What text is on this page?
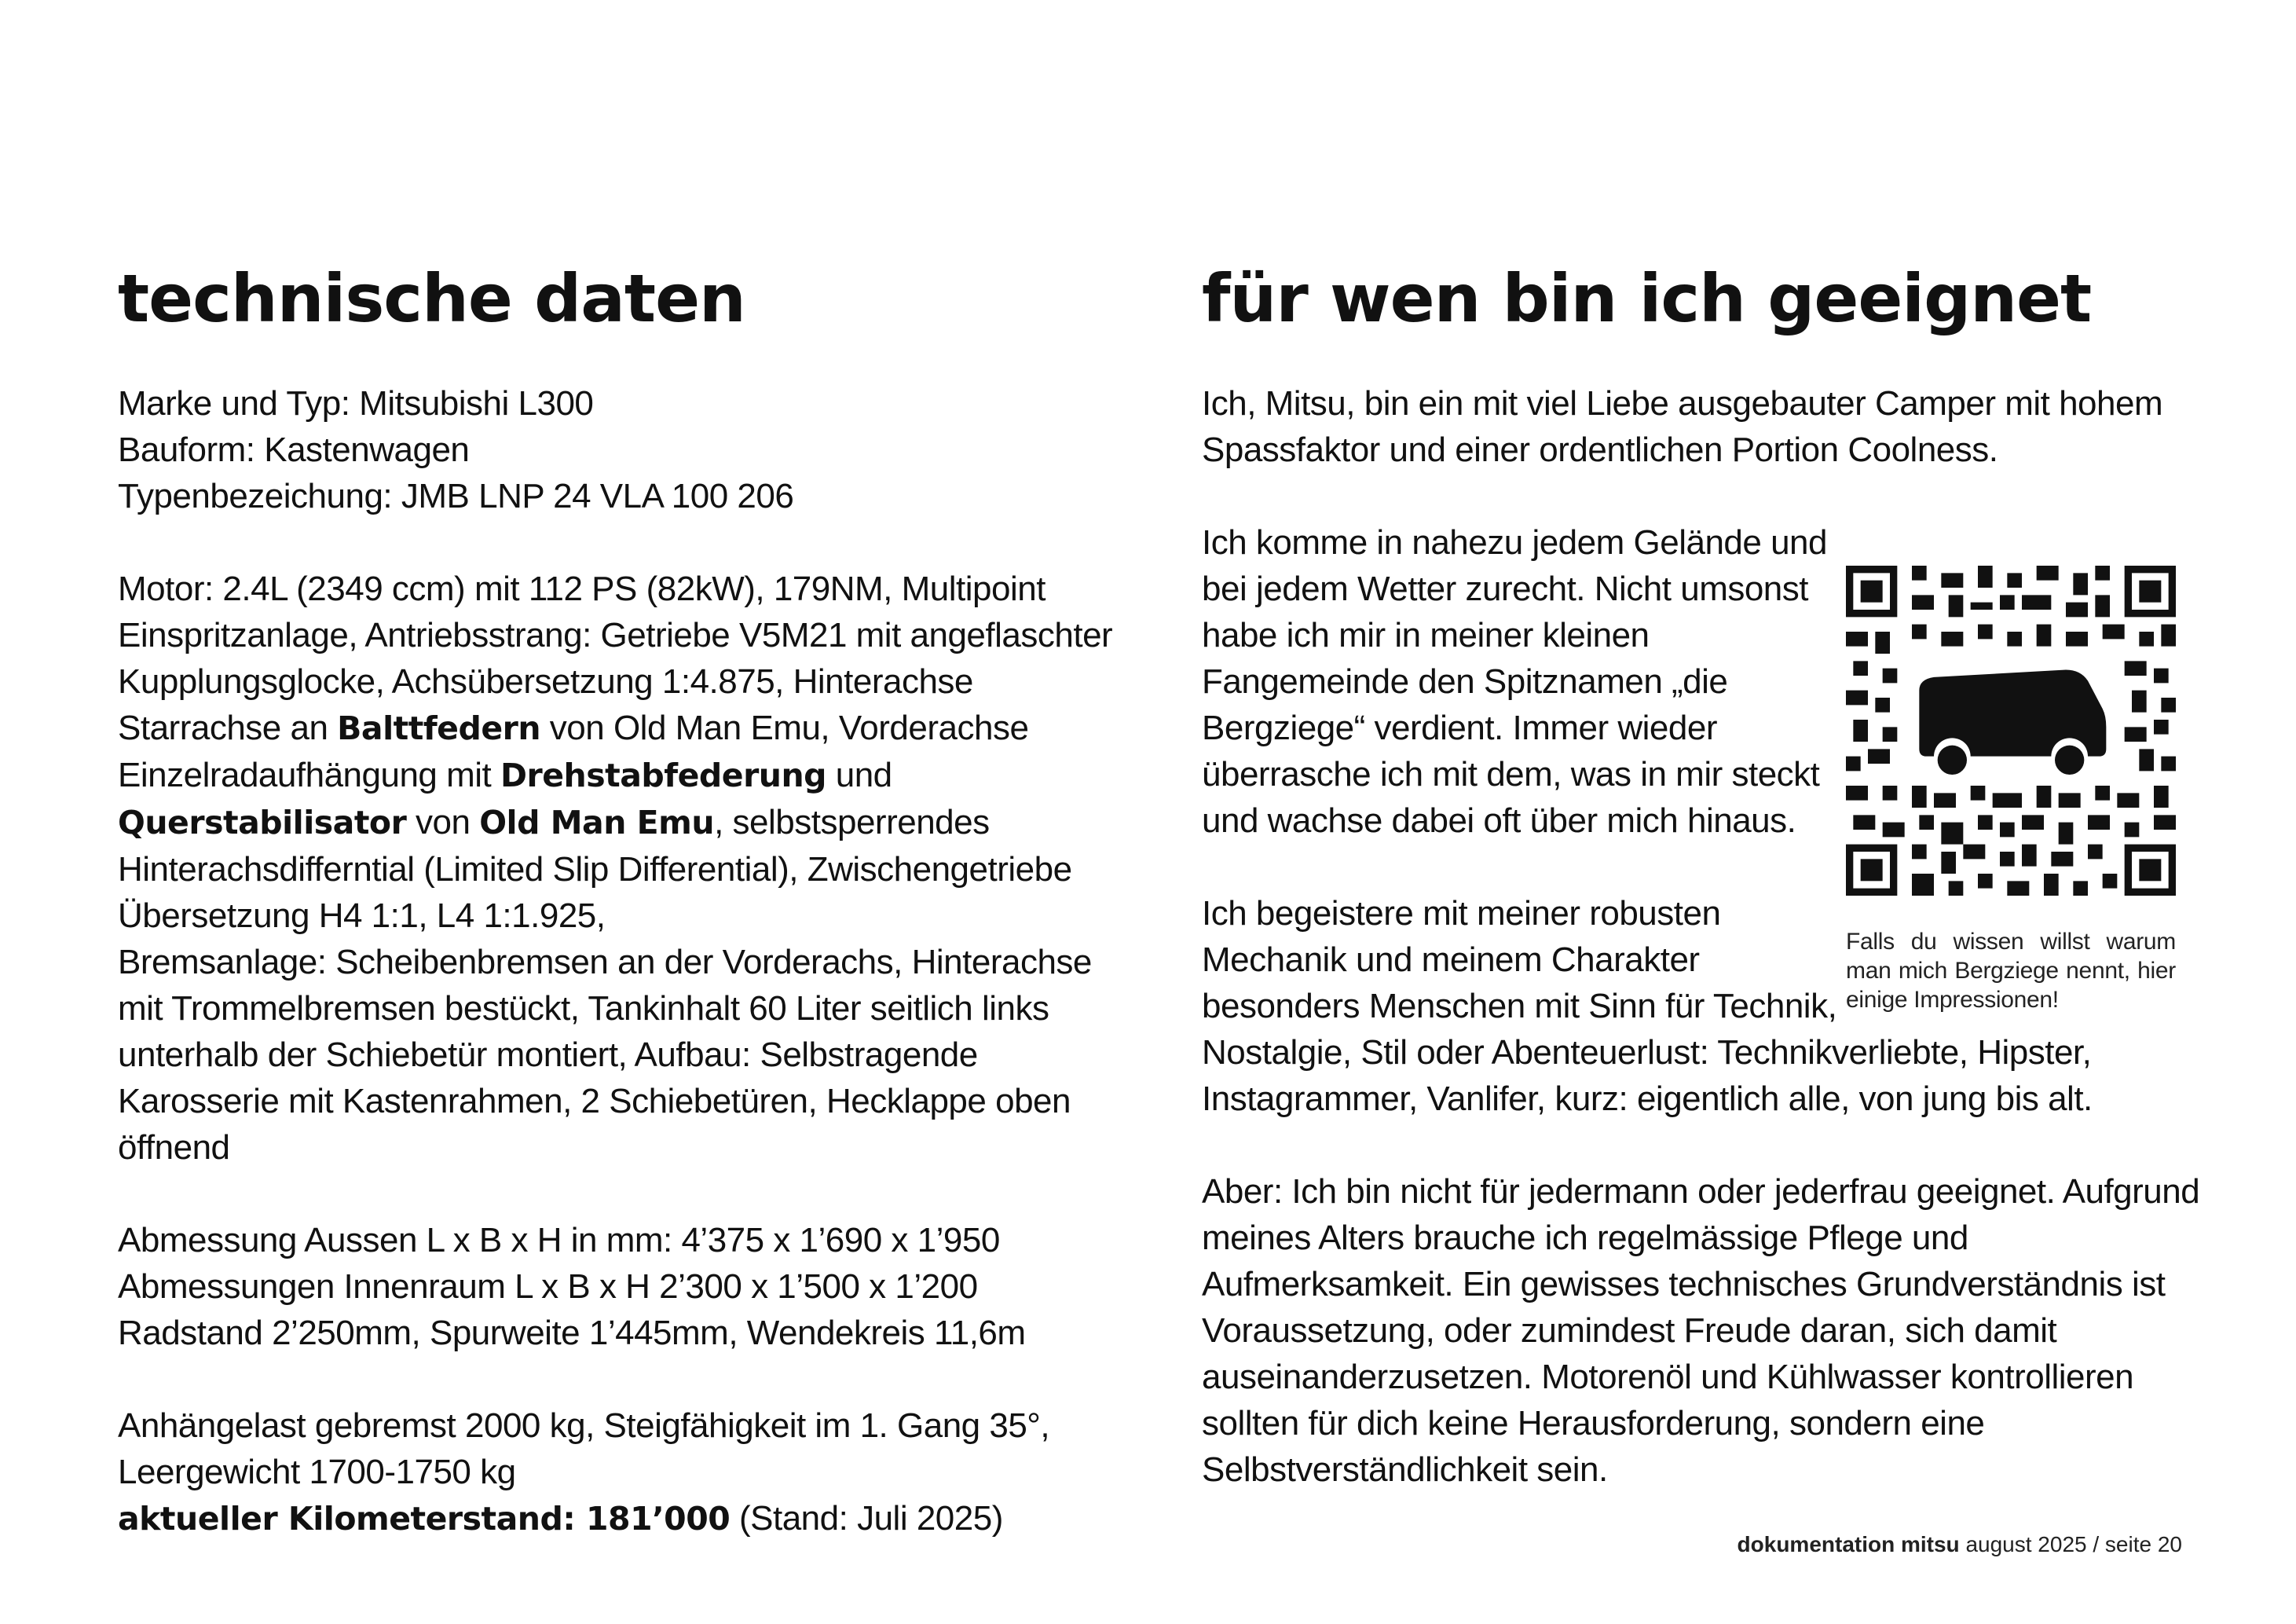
technische daten

Marke und Typ: Mitsubishi L300

Bauform: Kastenwagen

Typenbezeichung: JMB LNP 24 VLA 100 206

Motor: 2.4L (2349 ccm) mit 112 PS (82kW), 179NM, Multipoint Einspritzanlage, Antriebsstrang: Getriebe V5M21 mit angeflaschter Kupplungsglocke, Achsübersetzung 1:4.875, Hinterachse Starrachse an Balttfedern von Old Man Emu, Vorderachse Einzelradaufhängung mit Drehstabfederung und Querstabilisator von Old Man Emu, selbstsperrendes Hinterachsdifferntial (Limited Slip Differential), Zwischengetriebe Übersetzung H4 1:1, L4 1:1.925,

Bremsanlage: Scheibenbremsen an der Vorderachs, Hinterachse mit Trommelbremsen bestückt, Tankinhalt 60 Liter seitlich links unterhalb der Schiebetür montiert, Aufbau: Selbstragende Karosserie mit Kastenrahmen, 2 Schiebetüren, Hecklappe oben öffnend

Abmessung Aussen L x B x H in mm: 4’375 x 1’690 x 1’950

Abmessungen Innenraum L x B x H 2’300 x 1’500 x 1’200

Radstand 2’250mm, Spurweite 1’445mm, Wendekreis 11,6m

Anhängelast gebremst 2000 kg, Steigfähigkeit im 1. Gang 35°,

Leergewicht 1700-1750 kg

aktueller Kilometerstand: 181’000 (Stand: Juli 2025)

für wen bin ich geeignet

Ich, Mitsu, bin ein mit viel Liebe ausgebauter Camper mit hohem Spassfaktor und einer ordentlichen Portion Coolness.

Ich komme in nahezu jedem Gelände und bei jedem Wetter zurecht. Nicht umsonst habe ich mir in meiner kleinen Fangemeinde den Spitznamen „die Bergziege“ verdient. Immer wieder überrasche ich mit dem, was in mir steckt und wachse dabei oft über mich hinaus.

Ich begeistere mit meiner robusten Mechanik und meinem Charakter besonders Menschen mit Sinn für Technik,

Nostalgie, Stil oder Abenteuerlust: Technikverliebte, Hipster, Instagrammer, Vanlifer, kurz: eigentlich alle, von jung bis alt.

Aber: Ich bin nicht für jedermann oder jederfrau geeignet. Aufgrund meines Alters brauche ich regelmässige Pflege und Aufmerksamkeit. Ein gewisses technisches Grundverständnis ist Voraussetzung, oder zumindest Freude daran, sich damit auseinanderzusetzen. Motorenöl und Kühlwasser kontrollieren sollten für dich keine Herausforderung, sondern eine Selbstverständlichkeit sein.

Falls du wissen willst warum man mich Bergziege nennt, hier einige Impressionen!
dokumentation mitsu august 2025 / seite 20
